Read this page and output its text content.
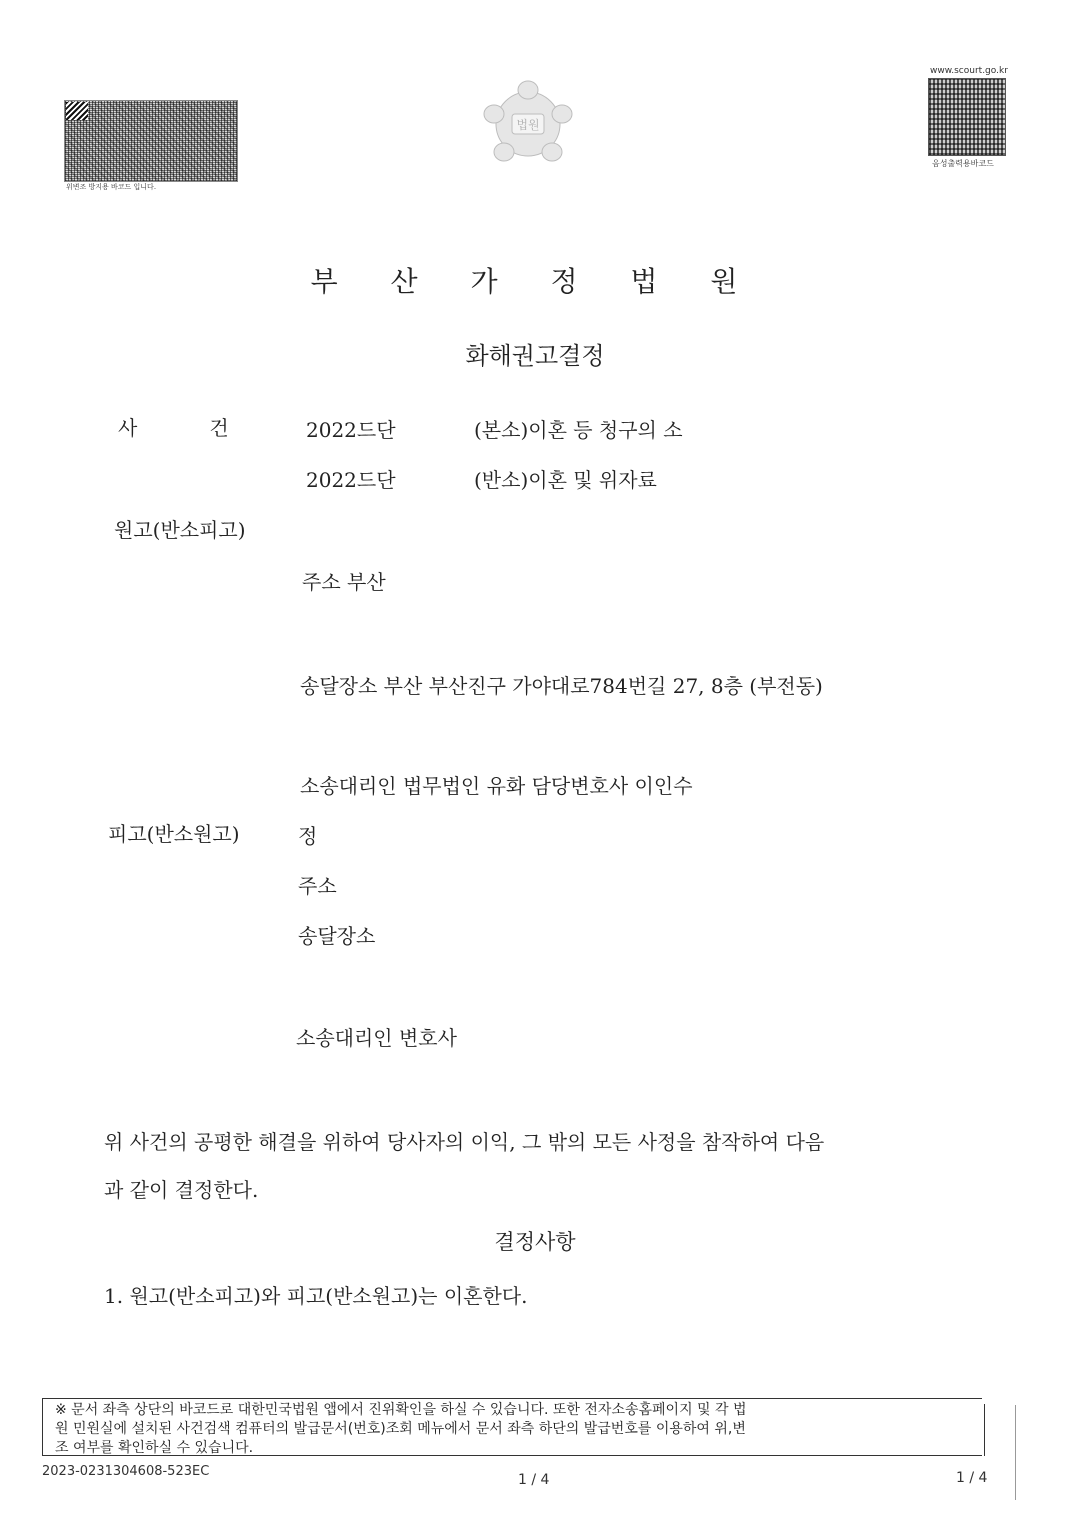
위변조 방지용 바코드 입니다.
법원
www.scourt.go.kr
음성출력용바코드
부 산 가 정 법 원
화해권고결정
사	건	2022드단	(본소)이혼 등 청구의 소
2022드단	(반소)이혼 및 위자료
원고(반소피고)
주소 부산
송달장소 부산 부산진구 가야대로784번길 27, 8층 (부전동)
소송대리인 법무법인 유화 담당변호사 이인수
피고(반소원고)	정
주소
송달장소
소송대리인 변호사
위 사건의 공평한 해결을 위하여 당사자의 이익, 그 밖의 모든 사정을 참작하여 다음
과 같이 결정한다.
결정사항
1. 원고(반소피고)와 피고(반소원고)는 이혼한다.
※ 문서 좌측 상단의 바코드로 대한민국법원 앱에서 진위확인을 하실 수 있습니다. 또한 전자소송홈페이지 및 각 법
원 민원실에 설치된 사건검색 컴퓨터의 발급문서(번호)조회 메뉴에서 문서 좌측 하단의 발급번호를 이용하여 위,변
조 여부를 확인하실 수 있습니다.
2023-0231304608-523EC
1 / 4	1 / 4
